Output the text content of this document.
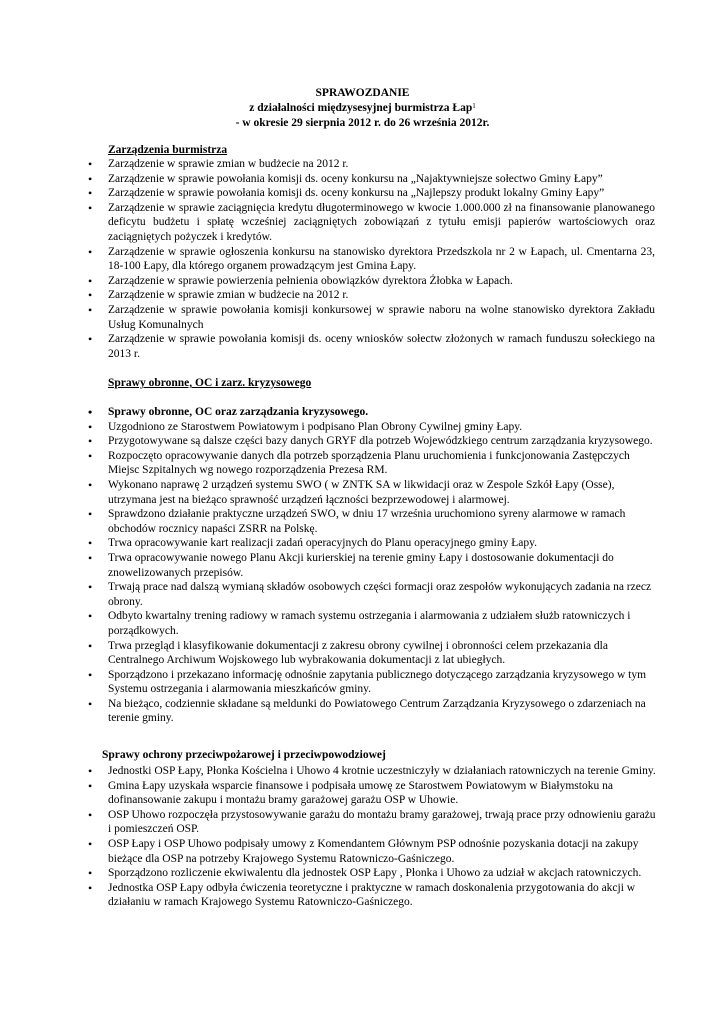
SPRAWOZDANIE
z działalności międzysesyjnej burmistrza Łap$^1$
- w okresie 29 sierpnia 2012 r. do 26 września 2012r.
Zarządzenia burmistrza
• Zarządzenie w sprawie zmian w budżecie na 2012 r.
• Zarządzenie w sprawie powołania komisji ds. oceny konkursu na „Najaktywniejsze sołectwo Gminy Łapy”
• Zarządzenie w sprawie powołania komisji ds. oceny konkursu na „Najlepszy produkt lokalny Gminy Łapy”
• Zarządzenie w sprawie zaciągnięcia kredytu długoterminowego w kwocie 1.000.000 zł na finansowanie planowanego deficytu budżetu i spłatę wcześniej zaciągniętych zobowiązań z tytułu emisji papierów wartościowych oraz zaciągniętych pożyczek i kredytów.
• Zarządzenie w sprawie ogłoszenia konkursu na stanowisko dyrektora Przedszkola nr 2 w Łapach, ul. Cmentarna 23, 18-100 Łapy, dla którego organem prowadzącym jest Gmina Łapy.
• Zarządzenie w sprawie powierzenia pełnienia obowiązków dyrektora Żłobka w Łapach.
• Zarządzenie w sprawie zmian w budżecie na 2012 r.
• Zarządzenie w sprawie powołania komisji konkursowej w sprawie naboru na wolne stanowisko dyrektora Zakładu Usług Komunalnych
• Zarządzenie w sprawie powołania komisji ds. oceny wniosków sołectw złożonych w ramach funduszu sołeckiego na 2013 r.
Sprawy obronne, OC i zarz. kryzysowego
• Sprawy obronne, OC oraz zarządzania kryzysowego.
• Uzgodniono ze Starostwem Powiatowym i podpisano Plan Obrony Cywilnej gminy Łapy.
• Przygotowywane są dalsze części bazy danych GRYF dla potrzeb Wojewódzkiego centrum zarządzania kryzysowego.
• Rozpoczęto opracowywanie danych dla potrzeb sporządzenia Planu uruchomienia i funkcjonowania Zastępczych Miejsc Szpitalnych wg nowego rozporządzenia Prezesa RM.
• Wykonano naprawę 2 urządzeń systemu SWO ( w ZNTK SA w likwidacji oraz w Zespole Szkół Łapy (Osse), utrzymana jest na bieżąco sprawność urządzeń łączności bezprzewodowej i alarmowej.
• Sprawdzono działanie praktyczne urządzeń SWO, w dniu 17 września uruchomiono syreny alarmowe w ramach obchodów rocznicy napaści ZSRR na Polskę.
• Trwa opracowywanie kart realizacji zadań operacyjnych do Planu operacyjnego gminy Łapy.
• Trwa opracowywanie nowego Planu Akcji kurierskiej na terenie gminy Łapy i dostosowanie dokumentacji do znowelizowanych przepisów.
• Trwają prace nad dalszą wymianą składów osobowych części formacji oraz zespołów wykonujących zadania na rzecz obrony.
• Odbyto kwartalny trening radiowy w ramach systemu ostrzegania i alarmowania z udziałem służb ratowniczych i porządkowych.
• Trwa przegląd i klasyfikowanie dokumentacji z zakresu obrony cywilnej i obronności celem przekazania dla Centralnego Archiwum Wojskowego lub wybrakowania dokumentacji z lat ubiegłych.
• Sporządzono i przekazano informację odnośnie zapytania publicznego dotyczącego zarządzania kryzysowego w tym Systemu ostrzegania i alarmowania mieszkańców gminy.
• Na bieżąco, codziennie składane są meldunki do Powiatowego Centrum Zarządzania Kryzysowego o zdarzeniach na terenie gminy.
Sprawy ochrony przeciwpożarowej i przeciwpowodziowej
• Jednostki OSP Łapy, Płonka Kościelna i Uhowo 4 krotnie uczestniczyły w działaniach ratowniczych na terenie Gminy.
• Gmina Łapy uzyskała wsparcie finansowe i podpisała umowę ze Starostwem Powiatowym w Białymstoku na dofinansowanie zakupu i montażu bramy garażowej garażu OSP w Uhowie.
• OSP Uhowo rozpoczęła przystosowywanie garażu do montażu bramy garażowej, trwają prace przy odnowieniu garażu i pomieszczeń OSP.
• OSP Łapy i OSP Uhowo podpisały umowy z Komendantem Głównym PSP odnośnie pozyskania dotacji na zakupy bieżące dla OSP na potrzeby Krajowego Systemu Ratowniczo-Gaśniczego.
• Sporządzono rozliczenie ekwiwalentu dla jednostek OSP Łapy , Płonka i Uhowo za udział w akcjach ratowniczych.
• Jednostka OSP Łapy odbyła ćwiczenia teoretyczne i praktyczne w ramach doskonalenia przygotowania do akcji w działaniu w ramach Krajowego Systemu Ratowniczo-Gaśniczego.
